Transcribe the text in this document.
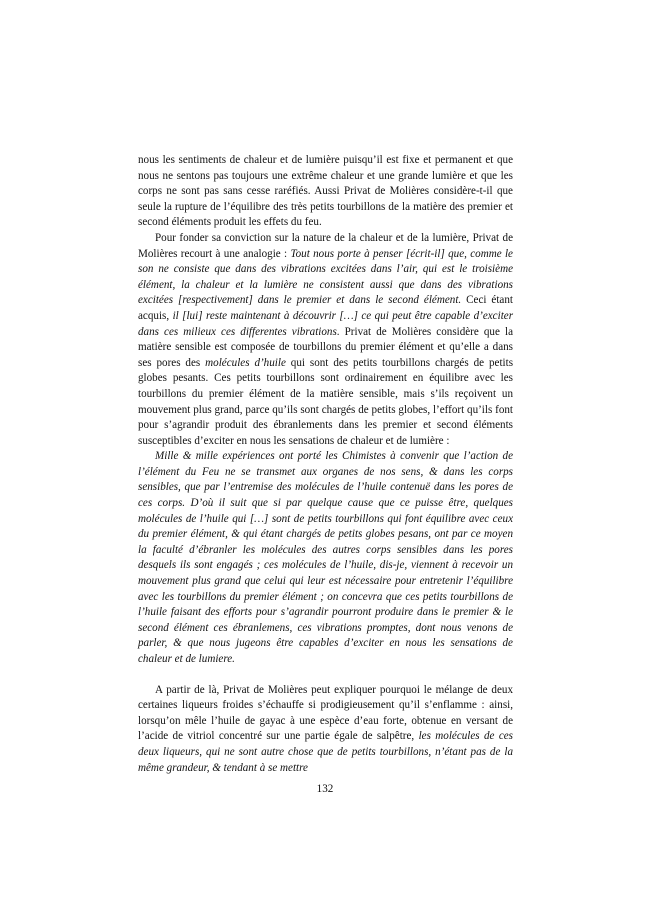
nous les sentiments de chaleur et de lumière puisqu’il est fixe et permanent et que nous ne sentons pas toujours une extrême chaleur et une grande lumière et que les corps ne sont pas sans cesse raréfiés. Aussi Privat de Molières considère-t-il que seule la rupture de l’équilibre des très petits tourbillons de la matière des premier et second éléments produit les effets du feu.

Pour fonder sa conviction sur la nature de la chaleur et de la lumière, Privat de Molières recourt à une analogie : Tout nous porte à penser [écrit-il] que, comme le son ne consiste que dans des vibrations excitées dans l’air, qui est le troisième élément, la chaleur et la lumière ne consistent aussi que dans des vibrations excitées [respectivement] dans le premier et dans le second élément. Ceci étant acquis, il [lui] reste maintenant à découvrir […] ce qui peut être capable d’exciter dans ces milieux ces differentes vibrations. Privat de Molières considère que la matière sensible est composée de tourbillons du premier élément et qu’elle a dans ses pores des molécules d’huile qui sont des petits tourbillons chargés de petits globes pesants. Ces petits tourbillons sont ordinairement en équilibre avec les tourbillons du premier élément de la matière sensible, mais s’ils reçoivent un mouvement plus grand, parce qu’ils sont chargés de petits globes, l’effort qu’ils font pour s’agrandir produit des ébranlements dans les premier et second éléments susceptibles d’exciter en nous les sensations de chaleur et de lumière :

Mille & mille expériences ont porté les Chimistes à convenir que l’action de l’élément du Feu ne se transmet aux organes de nos sens, & dans les corps sensibles, que par l’entremise des molécules de l’huile contenuë dans les pores de ces corps. D’où il suit que si par quelque cause que ce puisse être, quelques molécules de l’huile qui […] sont de petits tourbillons qui font équilibre avec ceux du premier élément, & qui étant chargés de petits globes pesans, ont par ce moyen la faculté d’ébranler les molécules des autres corps sensibles dans les pores desquels ils sont engagés ; ces molécules de l’huile, dis-je, viennent à recevoir un mouvement plus grand que celui qui leur est nécessaire pour entretenir l’équilibre avec les tourbillons du premier élément ; on concevra que ces petits tourbillons de l’huile faisant des efforts pour s’agrandir pourront produire dans le premier & le second élément ces ébranlemens, ces vibrations promptes, dont nous venons de parler, & que nous jugeons être capables d’exciter en nous les sensations de chaleur et de lumiere.

A partir de là, Privat de Molières peut expliquer pourquoi le mélange de deux certaines liqueurs froides s’échauffe si prodigieusement qu’il s’enflamme : ainsi, lorsqu’on mêle l’huile de gayac à une espèce d’eau forte, obtenue en versant de l’acide de vitriol concentré sur une partie égale de salpêtre, les molécules de ces deux liqueurs, qui ne sont autre chose que de petits tourbillons, n’étant pas de la même grandeur, & tendant à se mettre

132
